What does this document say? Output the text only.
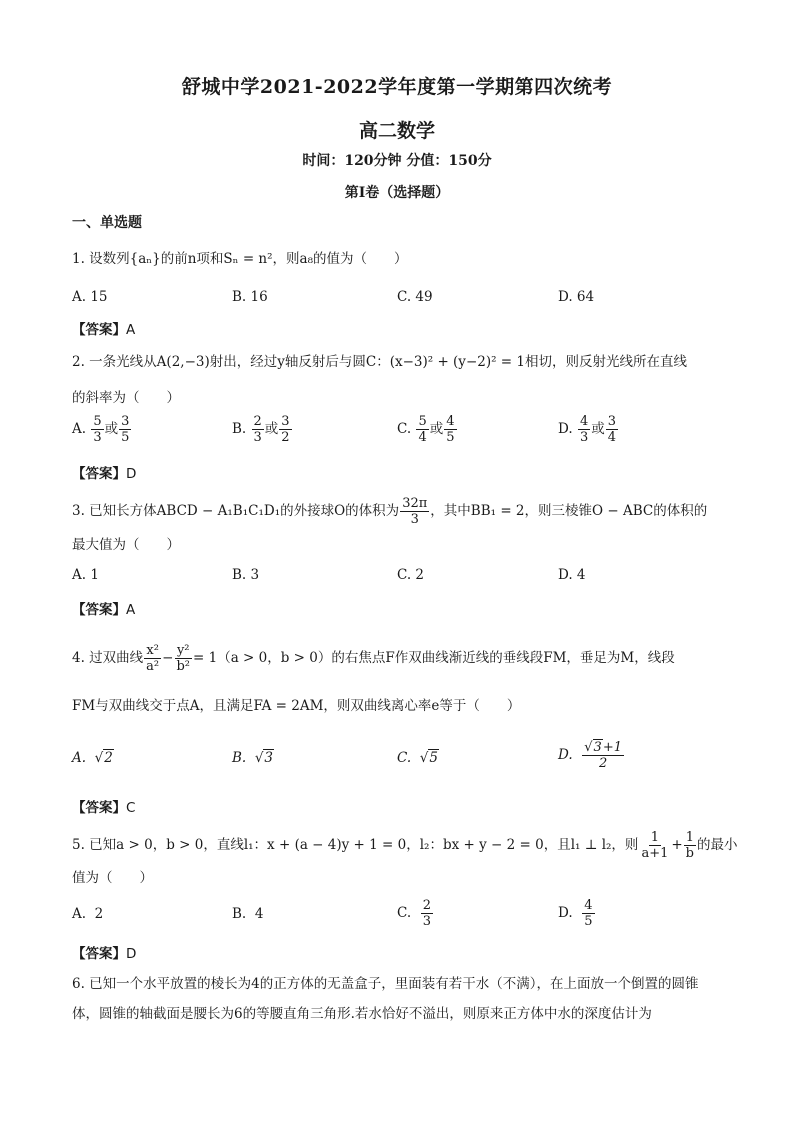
舒城中学2021-2022学年度第一学期第四次统考
高二数学
时间：120分钟 分值：150分
第I卷（选择题）
一、单选题
1. 设数列{aₙ}的前n项和Sₙ = n²，则a₈的值为（　　）
A. 15	B. 16	C. 49	D. 64
【答案】A
2. 一条光线从A(2,−3)射出，经过y轴反射后与圆C：(x−3)² + (y−2)² = 1相切，则反射光线所在直线
的斜率为（　　）
A. $\frac{5}{3}$ 或 $\frac{3}{5}$	B. $\frac{2}{3}$ 或 $\frac{3}{2}$	C. $\frac{5}{4}$ 或 $\frac{4}{5}$	D. $\frac{4}{3}$ 或 $\frac{3}{4}$
【答案】D
3. 已知长方体ABCD − A₁B₁C₁D₁的外接球O的体积为 $\frac{32\pi}{3}$ ，其中BB₁ = 2，则三棱锥O − ABC的体积的
最大值为（　　）
A. 1	B. 3	C. 2	D. 4
【答案】A
4. 过双曲线 $\frac{\text{x²}}{\text{a²}} - \frac{\text{y²}}{\text{b²}} = 1(a > 0$，b > 0）的右焦点F作双曲线渐近线的垂线段FM，垂足为M，线段
FM与双曲线交于点A，且满足FA = 2AM，则双曲线离心率e等于（　　）
A. √2	B. √3	C. √5	D. $\frac{√3+1}{2}$
【答案】C
5. 已知a > 0，b > 0，直线l₁：x + (a − 4)y + 1 = 0，l₂：bx + y − 2 = 0，且l₁ ⊥ l₂，则 $\frac{1}{a+1} + \frac{1}{b}$ 的最小
值为（　　）
A. 2	B. 4	C. $\frac{2}{3}$	D. $\frac{4}{5}$
【答案】D
6. 已知一个水平放置的棱长为4的正方体的无盖盒子，里面装有若干水（不满），在上面放一个倒置的圆锥
体，圆锥的轴截面是腰长为6的等腰直角三角形.若水恰好不溢出，则原来正方体中水的深度估计为
